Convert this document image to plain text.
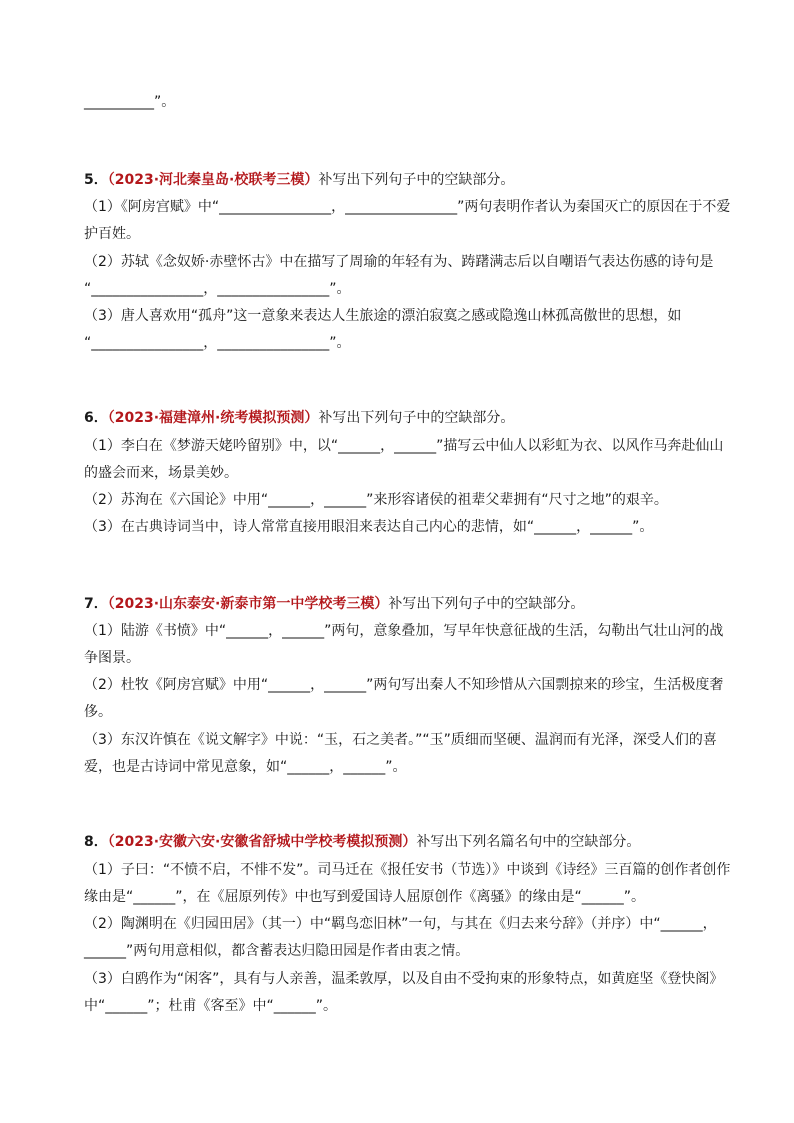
__________”。
5．（2023·河北秦皇岛·校联考三模）补写出下列句子中的空缺部分。
（1）《阿房宫赋》中“________________，________________”两句表明作者认为秦国灭亡的原因在于不爱
护百姓。
（2）苏轼《念奴娇·赤壁怀古》中在描写了周瑜的年轻有为、踌躇满志后以自嘲语气表达伤感的诗句是
“________________，________________”。
（3）唐人喜欢用“孤舟”这一意象来表达人生旅途的漂泊寂寞之感或隐逸山林孤高傲世的思想，如
“________________，________________”。
6．（2023·福建漳州·统考模拟预测）补写出下列句子中的空缺部分。
（1）李白在《梦游天姥吟留别》中，以“______，______”描写云中仙人以彩虹为衣、以风作马奔赴仙山
的盛会而来，场景美妙。
（2）苏洵在《六国论》中用“______，______”来形容诸侯的祖辈父辈拥有“尺寸之地”的艰辛。
（3）在古典诗词当中，诗人常常直接用眼泪来表达自己内心的悲情，如“______，______”。
7．（2023·山东泰安·新泰市第一中学校考三模）补写出下列句子中的空缺部分。
（1）陆游《书愤》中“______，______”两句，意象叠加，写早年快意征战的生活，勾勒出气壮山河的战
争图景。
（2）杜牧《阿房宫赋》中用“______，______”两句写出秦人不知珍惜从六国剽掠来的珍宝，生活极度奢
侈。
（3）东汉许慎在《说文解字》中说：“玉，石之美者。”“玉”质细而坚硬、温润而有光泽，深受人们的喜
爱，也是古诗词中常见意象，如“______，______”。
8．（2023·安徽六安·安徽省舒城中学校考模拟预测）补写出下列名篇名句中的空缺部分。
（1）子曰：“不愤不启，不悱不发”。司马迁在《报任安书（节选）》中谈到《诗经》三百篇的创作者创作
缘由是“______”，在《屈原列传》中也写到爱国诗人屈原创作《离骚》的缘由是“______”。
（2）陶渊明在《归园田居》（其一）中“羁鸟恋旧林”一句，与其在《归去来兮辞》（并序）中“______，
______”两句用意相似，都含蓄表达归隐田园是作者由衷之情。
（3）白鸥作为“闲客”，具有与人亲善，温柔敦厚，以及自由不受拘束的形象特点，如黄庭坚《登快阁》
中“______”；杜甫《客至》中“______”。
